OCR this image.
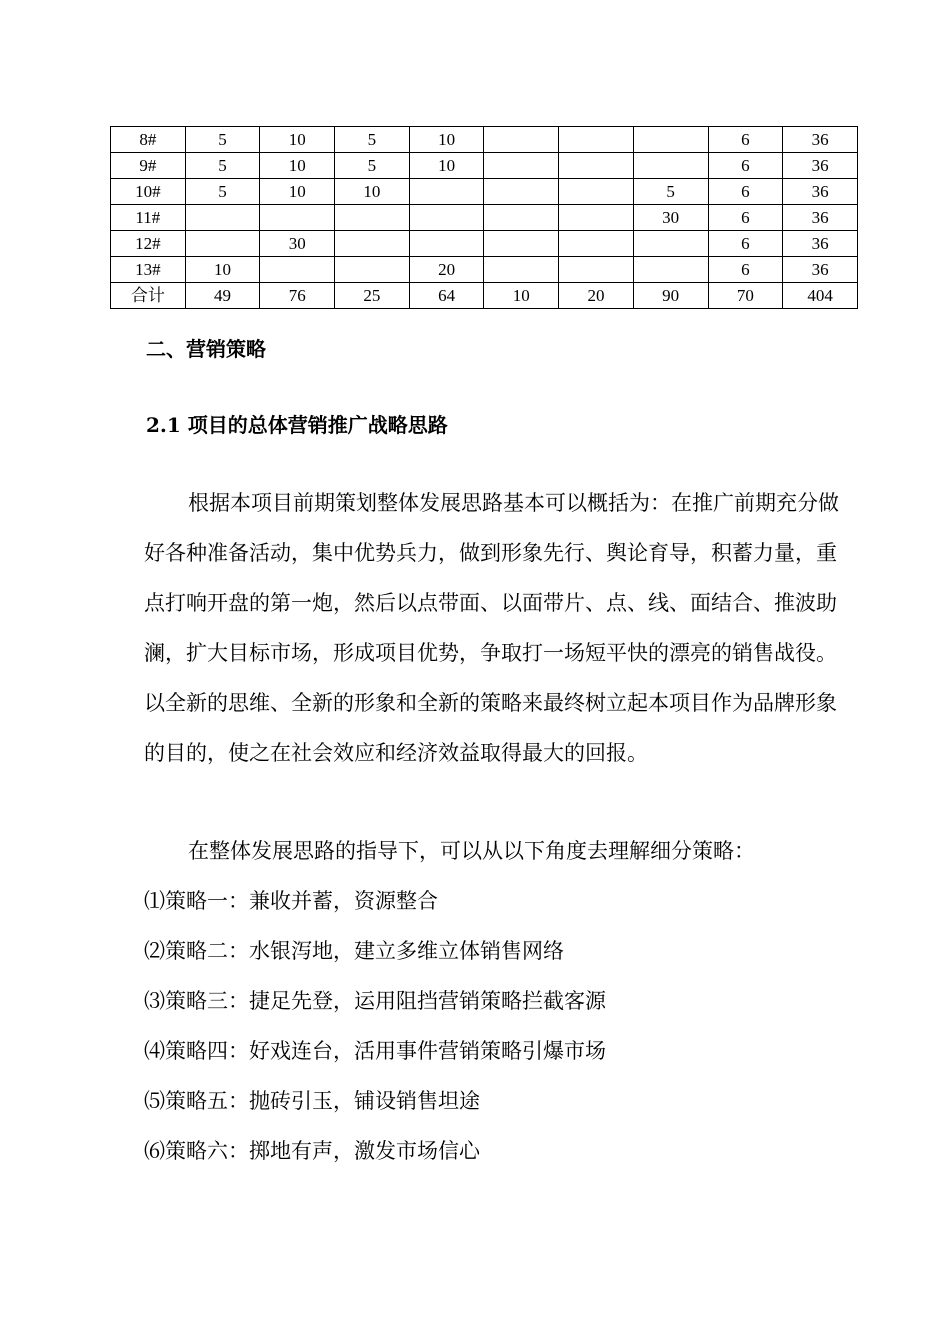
8#	5	10	5	10				6	36
9#	5	10	5	10				6	36
10#	5	10	10				5	6	36
11#							30	6	36
12#		30						6	36
13#	10			20				6	36
合计	49	76	25	64	10	20	90	70	404
二、营销策略
2.1 项目的总体营销推广战略思路

根据本项目前期策划整体发展思路基本可以概括为：在推广前期充分做好各种准备活动，集中优势兵力，做到形象先行、舆论育导，积蓄力量，重点打响开盘的第一炮，然后以点带面、以面带片、点、线、面结合、推波助澜，扩大目标市场，形成项目优势，争取打一场短平快的漂亮的销售战役。以全新的思维、全新的形象和全新的策略来最终树立起本项目作为品牌形象的目的，使之在社会效应和经济效益取得最大的回报。

在整体发展思路的指导下，可以从以下角度去理解细分策略：

⑴策略一：兼收并蓄，资源整合
⑵策略二：水银泻地，建立多维立体销售网络
⑶策略三：捷足先登，运用阻挡营销策略拦截客源
⑷策略四：好戏连台，活用事件营销策略引爆市场
⑸策略五：抛砖引玉，铺设销售坦途
⑹策略六：掷地有声，激发市场信心
